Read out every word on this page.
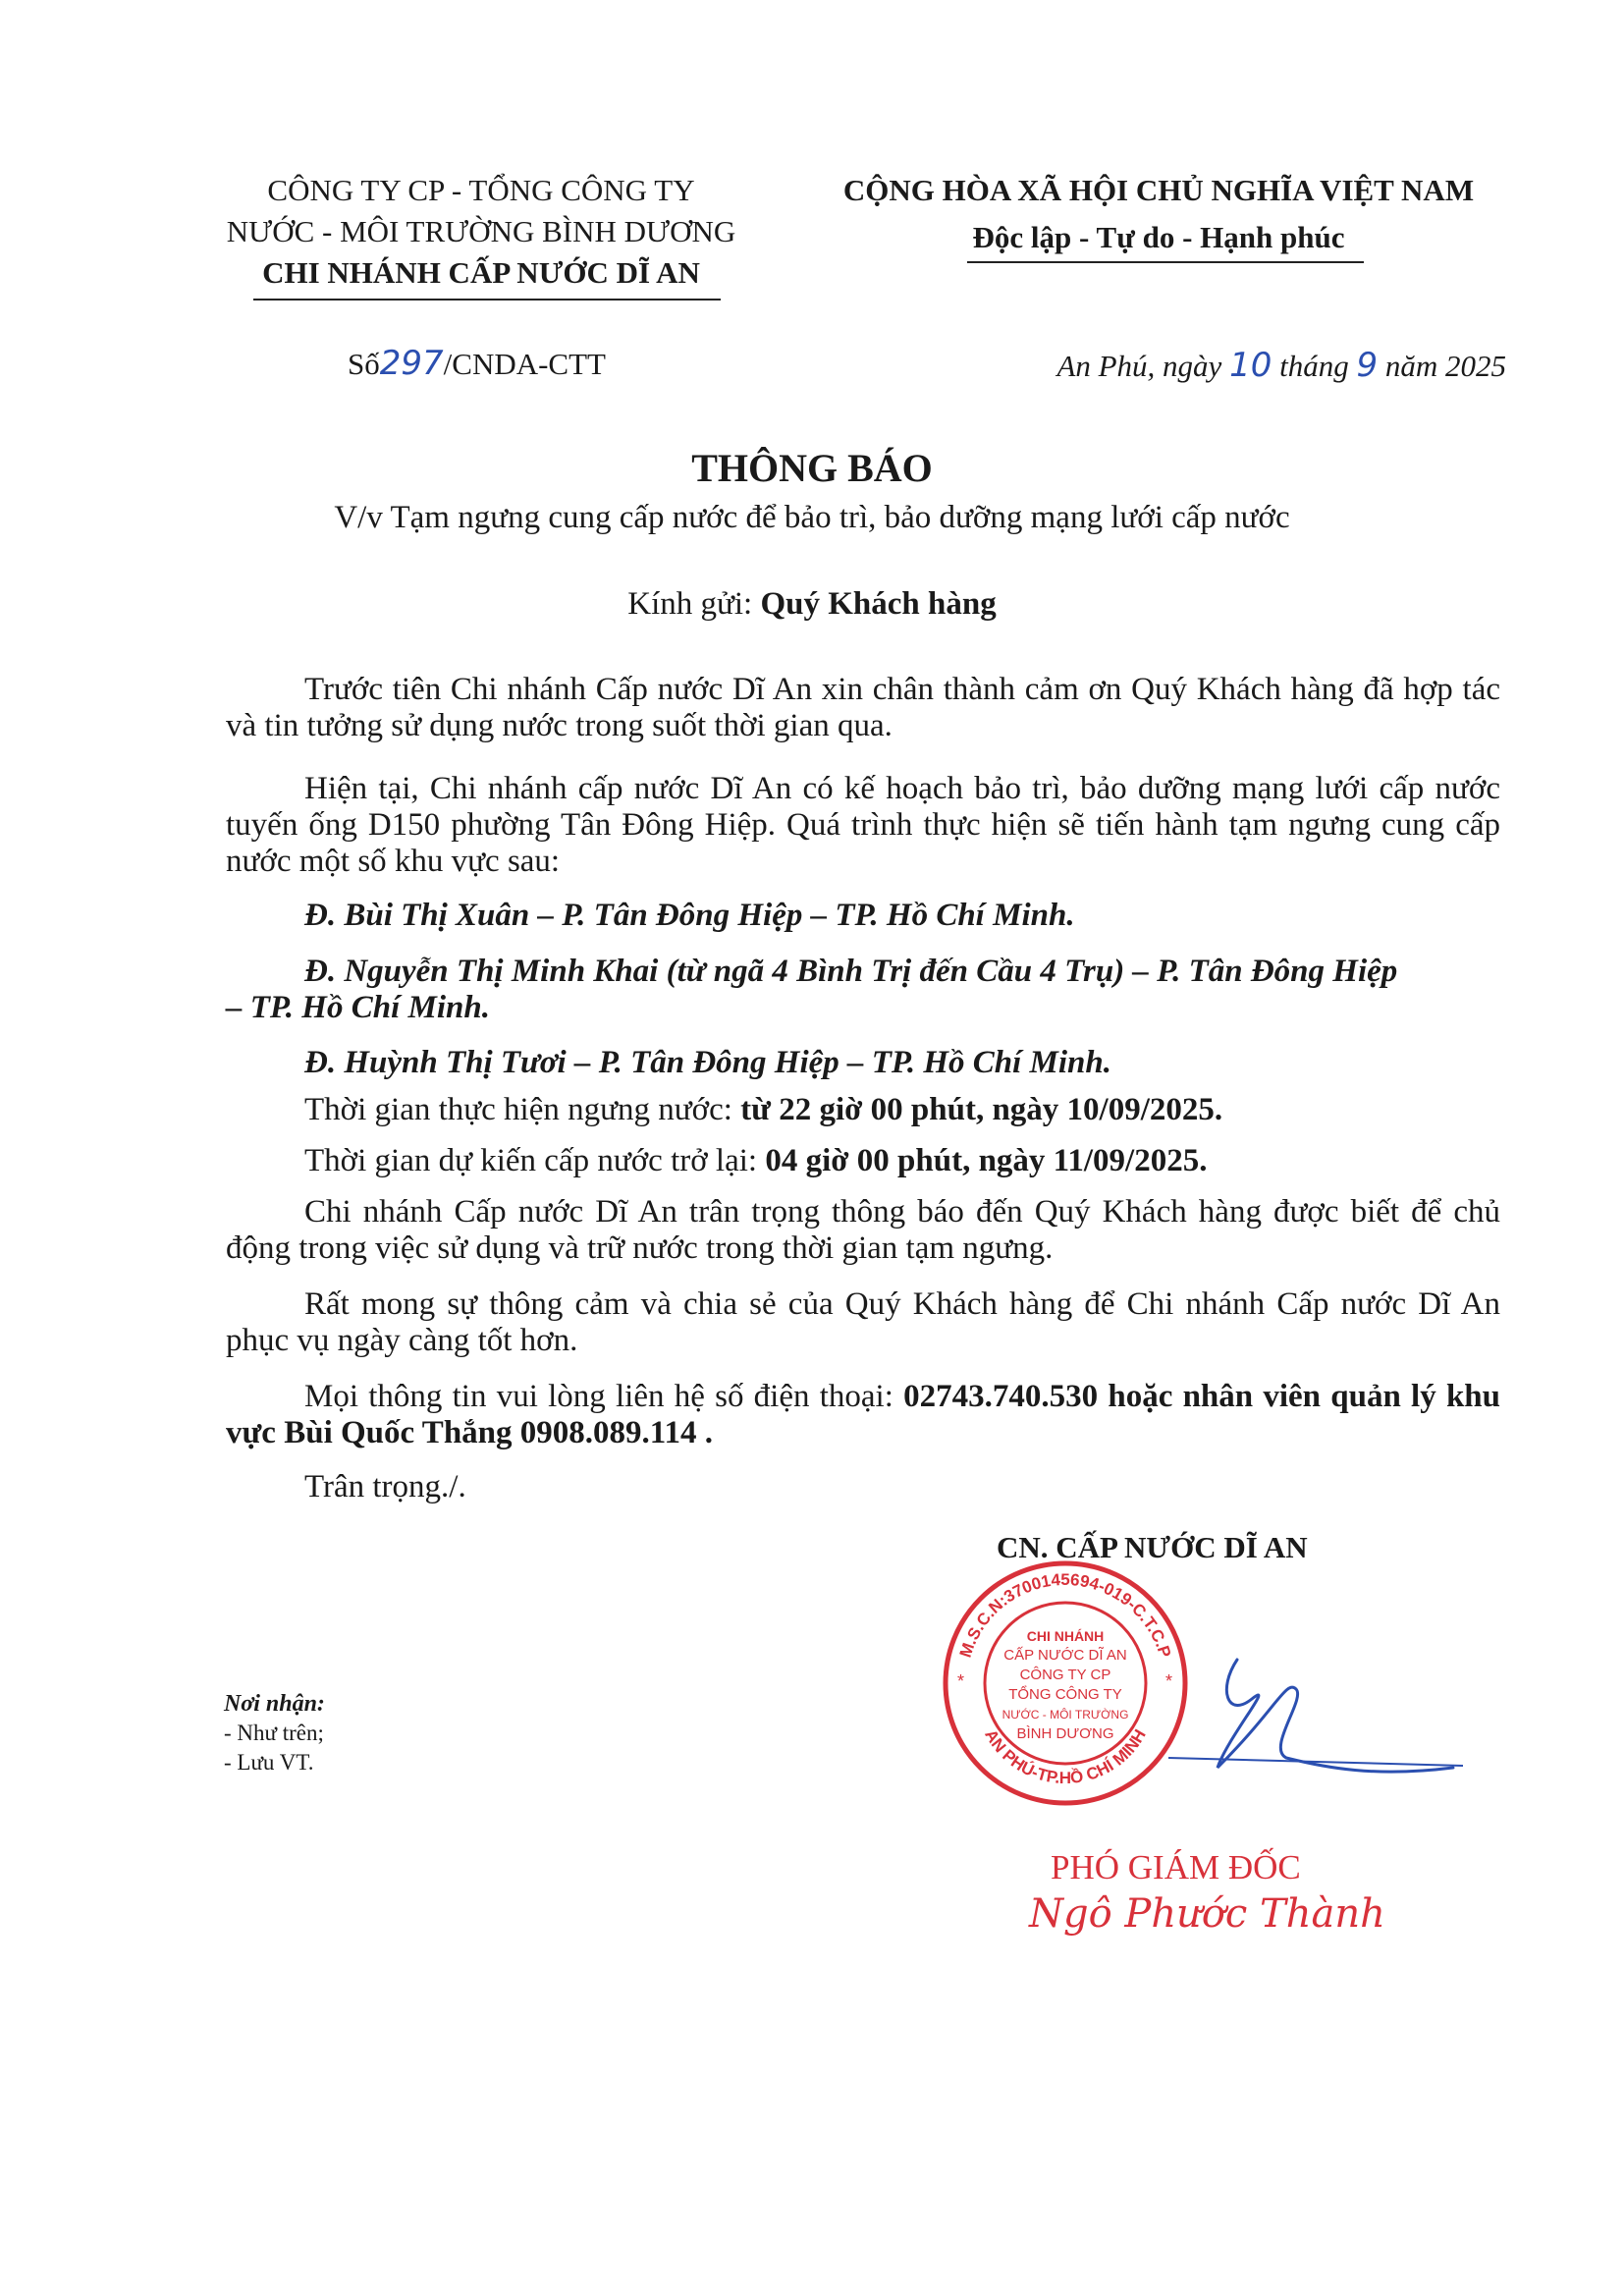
CÔNG TY CP - TỔNG CÔNG TY
NƯỚC - MÔI TRƯỜNG BÌNH DƯƠNG
CHI NHÁNH CẤP NƯỚC DĨ AN
CỘNG HÒA XÃ HỘI CHỦ NGHĨA VIỆT NAM
Độc lập - Tự do - Hạnh phúc
Số297/CNDA-CTT	An Phú, ngày 10 tháng 9 năm 2025
THÔNG BÁO
V/v Tạm ngưng cung cấp nước để bảo trì, bảo dưỡng mạng lưới cấp nước
Kính gửi: Quý Khách hàng
Trước tiên Chi nhánh Cấp nước Dĩ An xin chân thành cảm ơn Quý Khách hàng đã hợp tác và tin tưởng sử dụng nước trong suốt thời gian qua.
Hiện tại, Chi nhánh cấp nước Dĩ An có kế hoạch bảo trì, bảo dưỡng mạng lưới cấp nước tuyến ống D150 phường Tân Đông Hiệp. Quá trình thực hiện sẽ tiến hành tạm ngưng cung cấp nước một số khu vực sau:
Đ. Bùi Thị Xuân – P. Tân Đông Hiệp – TP. Hồ Chí Minh.
Đ. Nguyễn Thị Minh Khai (từ ngã 4 Bình Trị đến Cầu 4 Trụ) – P. Tân Đông Hiệp
– TP. Hồ Chí Minh.
Đ. Huỳnh Thị Tươi – P. Tân Đông Hiệp – TP. Hồ Chí Minh.
Thời gian thực hiện ngưng nước: từ 22 giờ 00 phút, ngày 10/09/2025.
Thời gian dự kiến cấp nước trở lại: 04 giờ 00 phút, ngày 11/09/2025.
Chi nhánh Cấp nước Dĩ An trân trọng thông báo đến Quý Khách hàng được biết để chủ động trong việc sử dụng và trữ nước trong thời gian tạm ngưng.
Rất mong sự thông cảm và chia sẻ của Quý Khách hàng để Chi nhánh Cấp nước Dĩ An phục vụ ngày càng tốt hơn.
Mọi thông tin vui lòng liên hệ số điện thoại: 02743.740.530 hoặc nhân viên quản lý khu vực Bùi Quốc Thắng 0908.089.114 .
Trân trọng./.
CN. CẤP NƯỚC DĨ AN
M.S.C.N:3700145694-019-C.T.C.P
AN PHÚ-TP.HỒ CHÍ MINH
CHI NHÁNH
CẤP NƯỚC DĨ AN
CÔNG TY CP
TỔNG CÔNG TY
NƯỚC - MÔI TRƯỜNG
BÌNH DƯƠNG
*	*
PHÓ GIÁM ĐỐC
Ngô Phước Thành
Nơi nhận:
- Như trên;
- Lưu VT.
